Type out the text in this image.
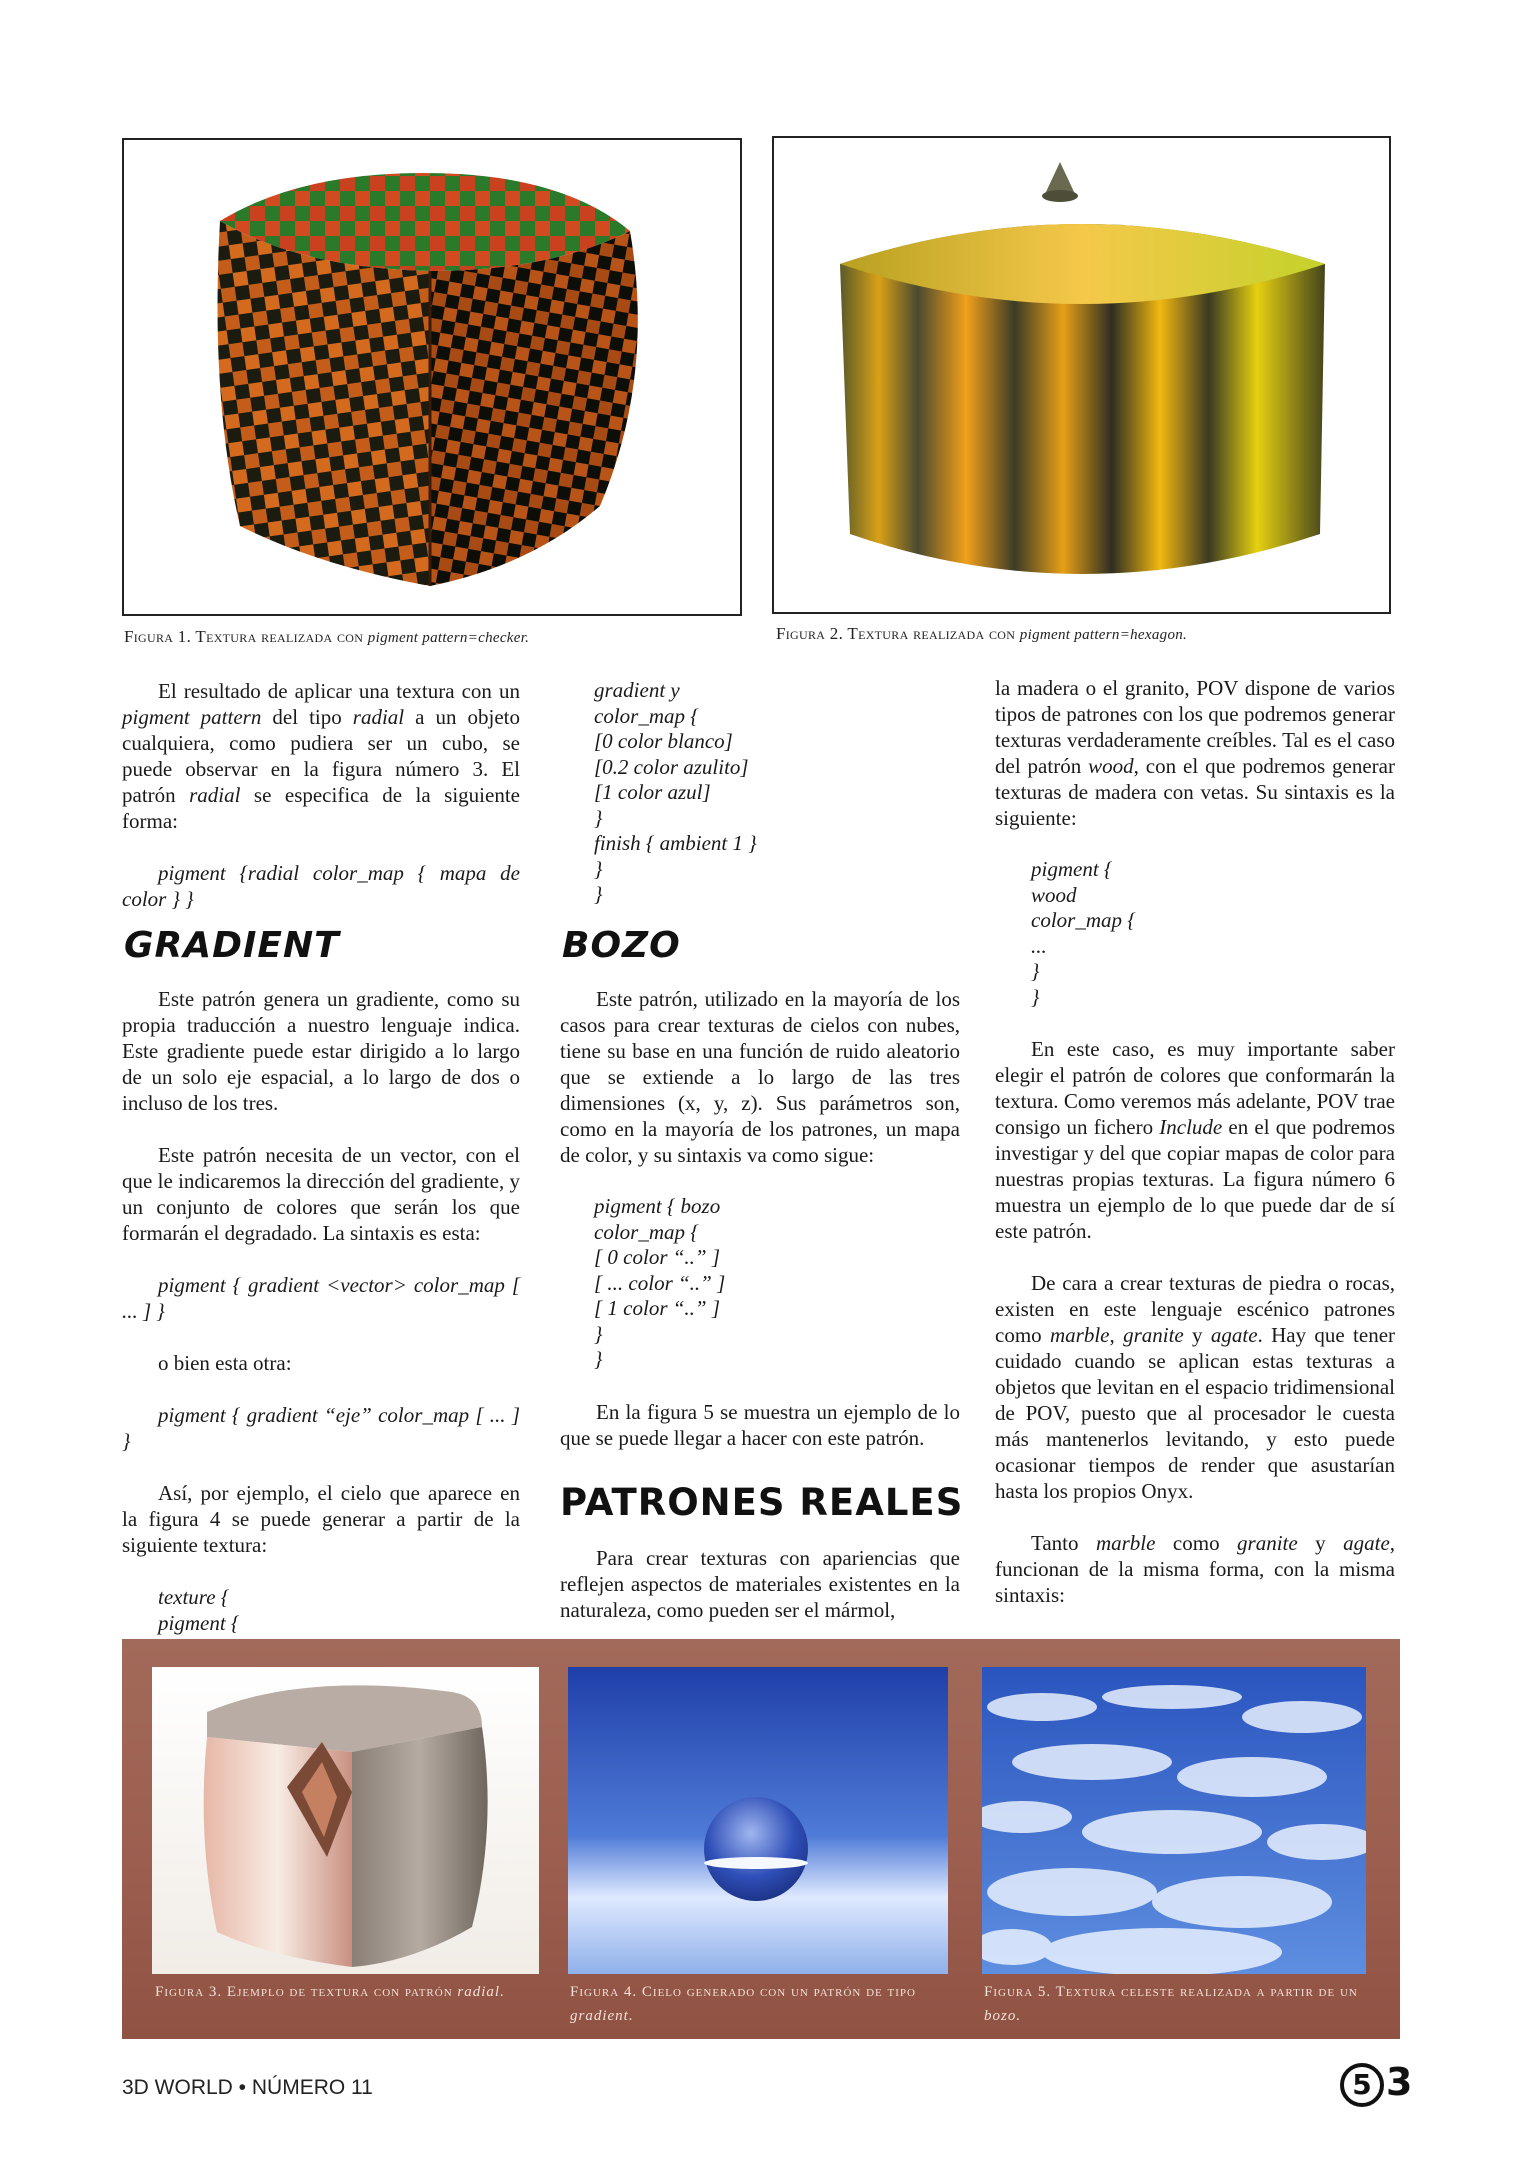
Figura 1. Textura realizada con pigment pattern=checker.	Figura 2. Textura realizada con pigment pattern=hexagon.

El resultado de aplicar una textura con un pigment pattern del tipo radial a un objeto cualquiera, como pudiera ser un cubo, se puede observar en la figura número 3. El patrón radial se especifica de la siguiente forma:

pigment {radial color_map { mapa de color } }

GRADIENT

Este patrón genera un gradiente, como su propia traducción a nuestro lenguaje indica. Este gradiente puede estar dirigido a lo largo de un solo eje espacial, a lo largo de dos o incluso de los tres.

Este patrón necesita de un vector, con el que le indicaremos la dirección del gradiente, y un conjunto de colores que serán los que formarán el degradado. La sintaxis es esta:

pigment { gradient <vector> color_map [ ... ] }

o bien esta otra:

pigment { gradient “eje” color_map [ ... ] }

Así, por ejemplo, el cielo que aparece en la figura 4 se puede generar a partir de la siguiente textura:

texture {

pigment {

gradient y
color_map {
[0 color blanco]
[0.2 color azulito]
[1 color azul]
}
finish { ambient 1 }
}
}
BOZO

Este patrón, utilizado en la mayoría de los casos para crear texturas de cielos con nubes, tiene su base en una función de ruido aleatorio que se extiende a lo largo de las tres dimensiones (x, y, z). Sus parámetros son, como en la mayoría de los patrones, un mapa de color, y su sintaxis va como sigue:

pigment { bozo
color_map {
[ 0 color “..” ]
[ ... color “..” ]
[ 1 color “..” ]
}
}

En la figura 5 se muestra un ejemplo de lo que se puede llegar a hacer con este patrón.

PATRONES REALES

Para crear texturas con apariencias que reflejen aspectos de materiales existentes en la naturaleza, como pueden ser el mármol,

la madera o el granito, POV dispone de varios tipos de patrones con los que podremos generar texturas verdaderamente creíbles. Tal es el caso del patrón wood, con el que podremos generar texturas de madera con vetas. Su sintaxis es la siguiente:

pigment {
wood
color_map {
...
}
}

En este caso, es muy importante saber elegir el patrón de colores que conformarán la textura. Como veremos más adelante, POV trae consigo un fichero Include en el que podremos investigar y del que copiar mapas de color para nuestras propias texturas. La figura número 6 muestra un ejemplo de lo que puede dar de sí este patrón.

De cara a crear texturas de piedra o rocas, existen en este lenguaje escénico patrones como marble, granite y agate. Hay que tener cuidado cuando se aplican estas texturas a objetos que levitan en el espacio tridimensional de POV, puesto que al procesador le cuesta más mantenerlos levitando, y esto puede ocasionar tiempos de render que asustarían hasta los propios Onyx.

Tanto marble como granite y agate, funcionan de la misma forma, con la misma sintaxis:

Figura 3. Ejemplo de textura con patrón radial.	Figura 4. Cielo generado con un patrón de tipo gradient.
Figura 5. Textura celeste realizada a partir de un bozo.
3D WORLD • NÚMERO 11	5 3
